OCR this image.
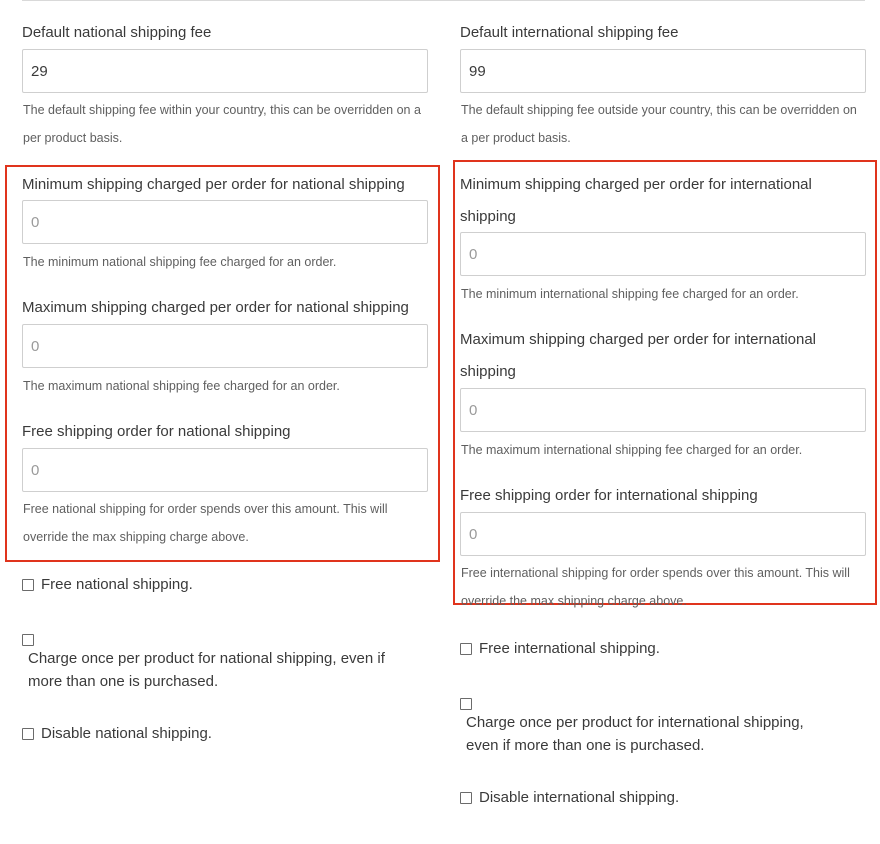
Default national shipping fee
29
The default shipping fee within your country, this can be overridden on a per product basis.
Minimum shipping charged per order for national shipping
0
The minimum national shipping fee charged for an order.
Maximum shipping charged per order for national shipping
0
The maximum national shipping fee charged for an order.
Free shipping order for national shipping
0
Free national shipping for order spends over this amount. This will override the max shipping charge above.
Free national shipping.
Charge once per product for national shipping, even if more than one is purchased.
Disable national shipping.
Default international shipping fee
99
The default shipping fee outside your country, this can be overridden on a per product basis.
Minimum shipping charged per order for international shipping
0
The minimum international shipping fee charged for an order.
Maximum shipping charged per order for international shipping
0
The maximum international shipping fee charged for an order.
Free shipping order for international shipping
0
Free international shipping for order spends over this amount. This will override the max shipping charge above.
Free international shipping.
Charge once per product for international shipping, even if more than one is purchased.
Disable international shipping.
